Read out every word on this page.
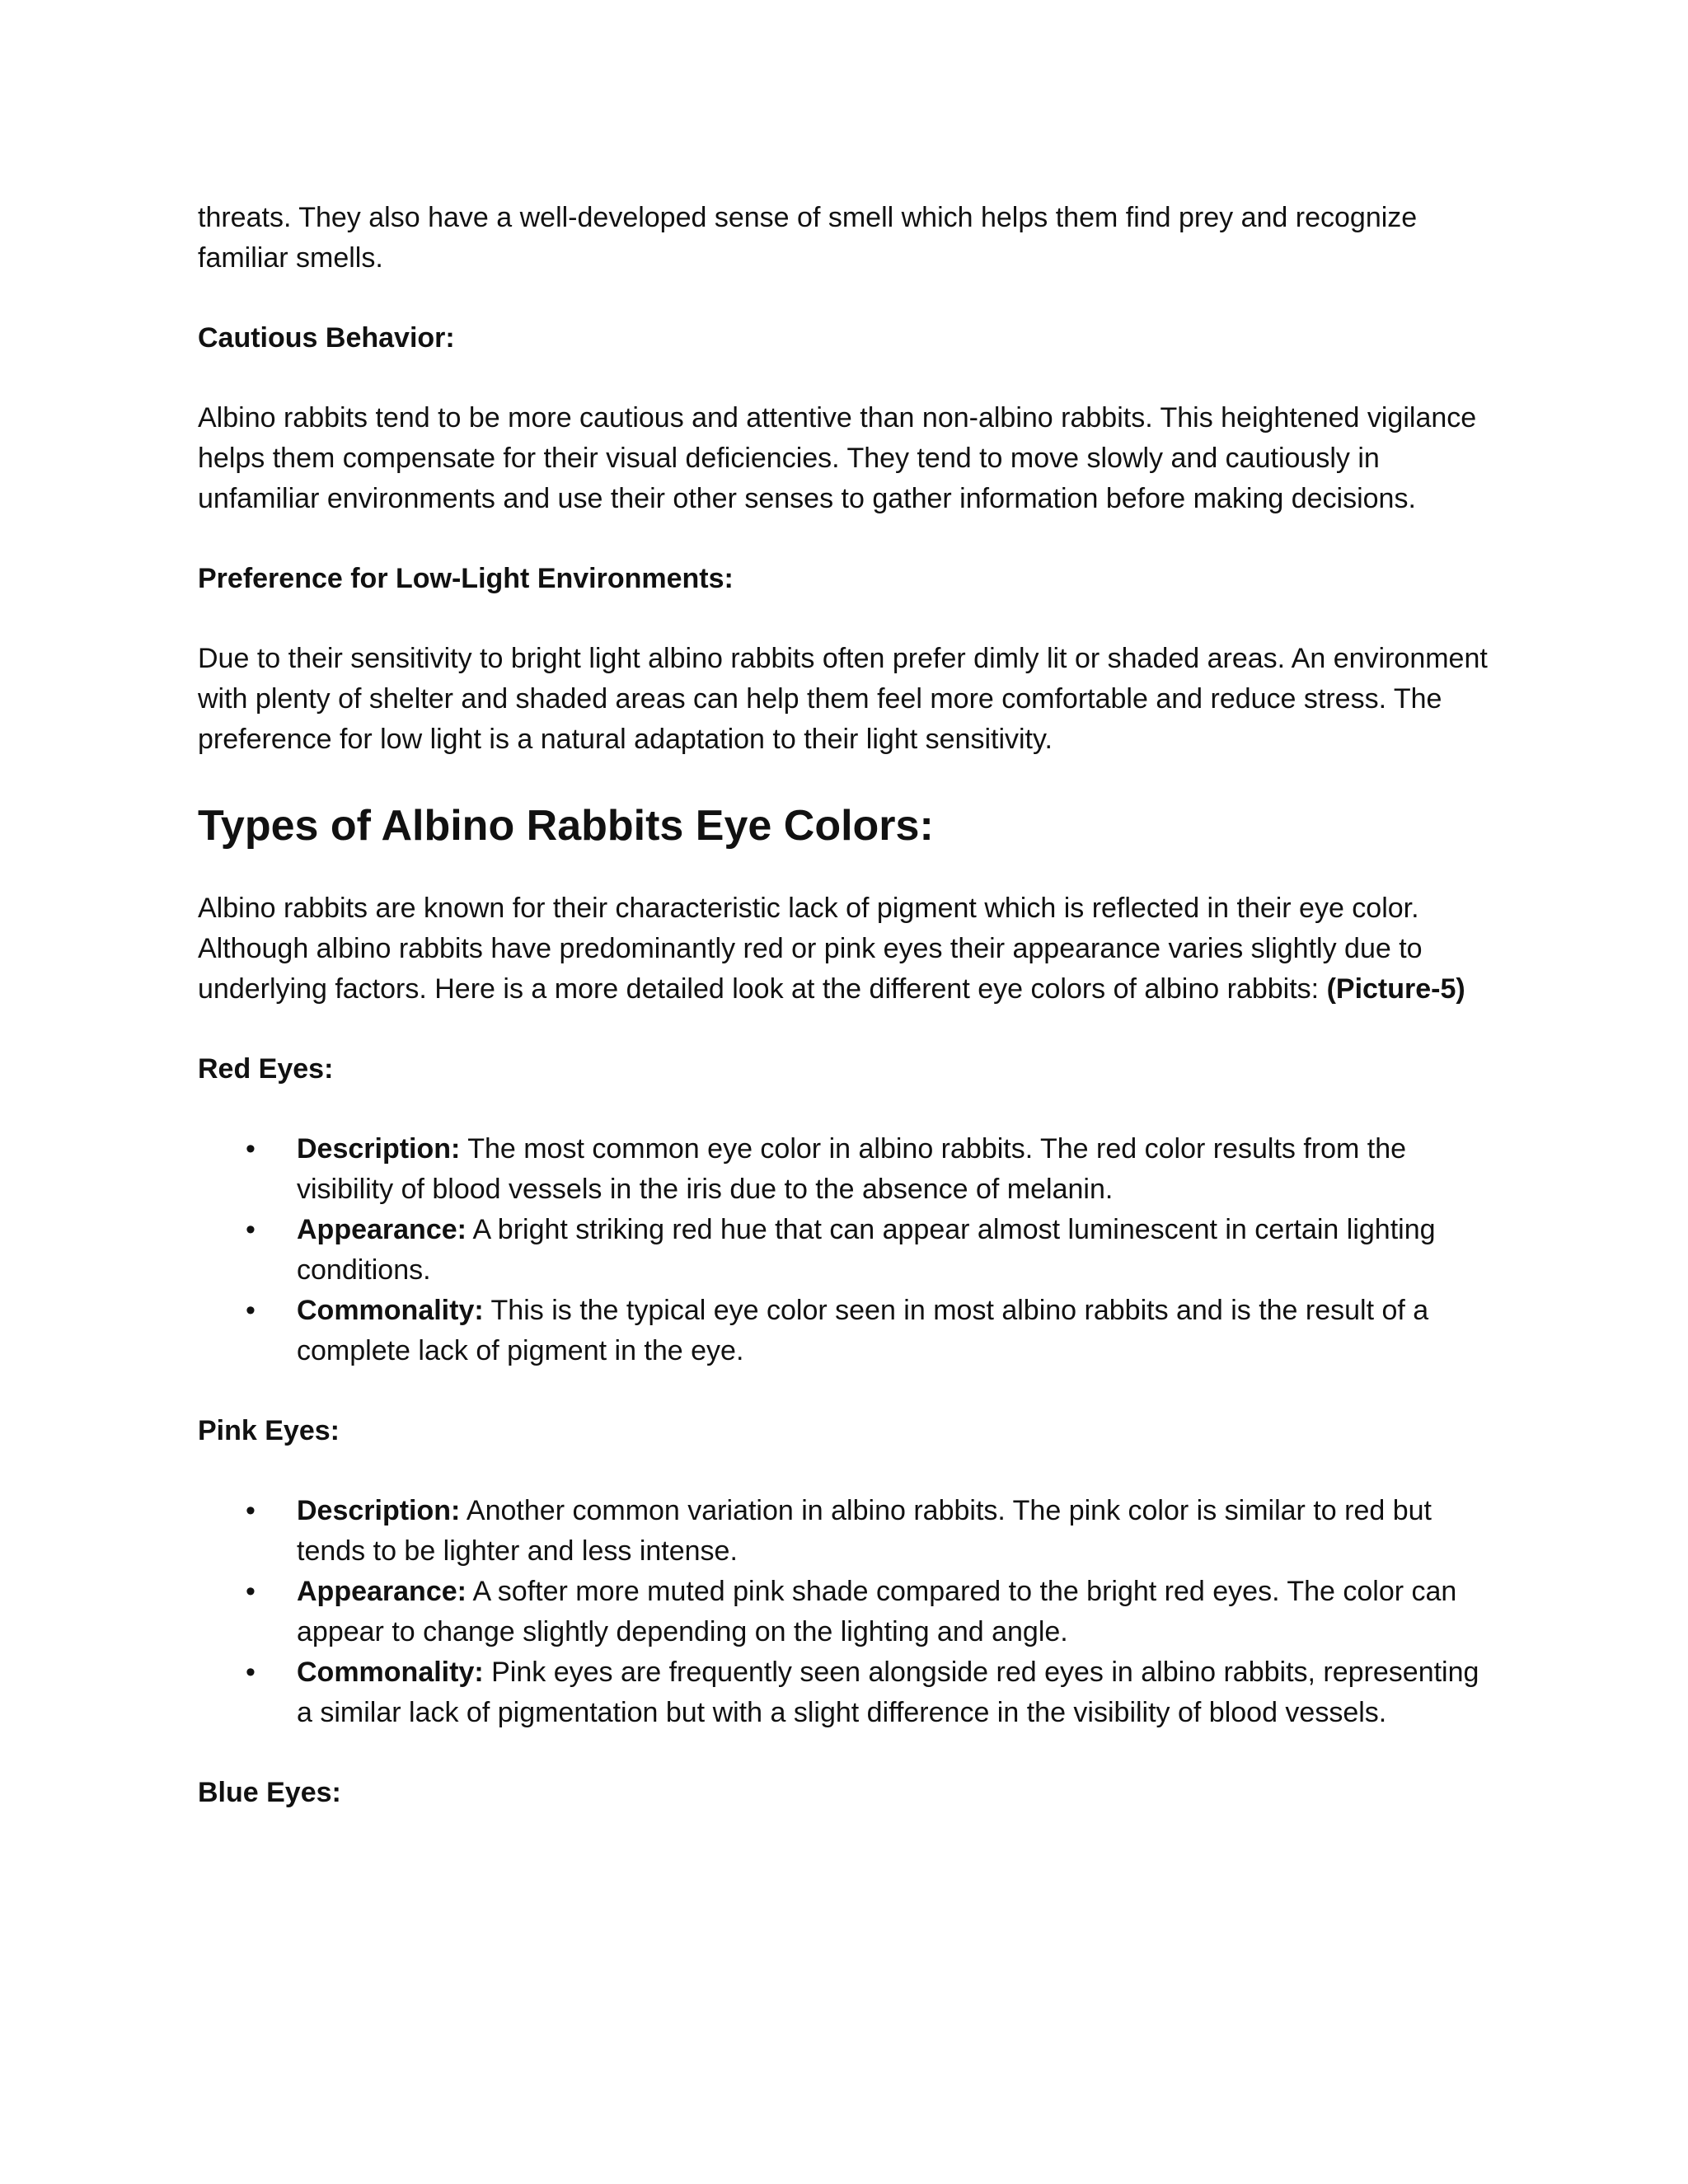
threats. They also have a well-developed sense of smell which helps them find prey and recognize familiar smells.

Cautious Behavior:

Albino rabbits tend to be more cautious and attentive than non-albino rabbits. This heightened vigilance helps them compensate for their visual deficiencies. They tend to move slowly and cautiously in unfamiliar environments and use their other senses to gather information before making decisions.

Preference for Low-Light Environments:

Due to their sensitivity to bright light albino rabbits often prefer dimly lit or shaded areas. An environment with plenty of shelter and shaded areas can help them feel more comfortable and reduce stress. The preference for low light is a natural adaptation to their light sensitivity.

Types of Albino Rabbits Eye Colors:

Albino rabbits are known for their characteristic lack of pigment which is reflected in their eye color. Although albino rabbits have predominantly red or pink eyes their appearance varies slightly due to underlying factors. Here is a more detailed look at the different eye colors of albino rabbits: (Picture-5)

Red Eyes:

• Description: The most common eye color in albino rabbits. The red color results from the visibility of blood vessels in the iris due to the absence of melanin.
• Appearance: A bright striking red hue that can appear almost luminescent in certain lighting conditions.
• Commonality: This is the typical eye color seen in most albino rabbits and is the result of a complete lack of pigment in the eye.

Pink Eyes:

• Description: Another common variation in albino rabbits. The pink color is similar to red but tends to be lighter and less intense.
• Appearance: A softer more muted pink shade compared to the bright red eyes. The color can appear to change slightly depending on the lighting and angle.
• Commonality: Pink eyes are frequently seen alongside red eyes in albino rabbits, representing a similar lack of pigmentation but with a slight difference in the visibility of blood vessels.

Blue Eyes:
